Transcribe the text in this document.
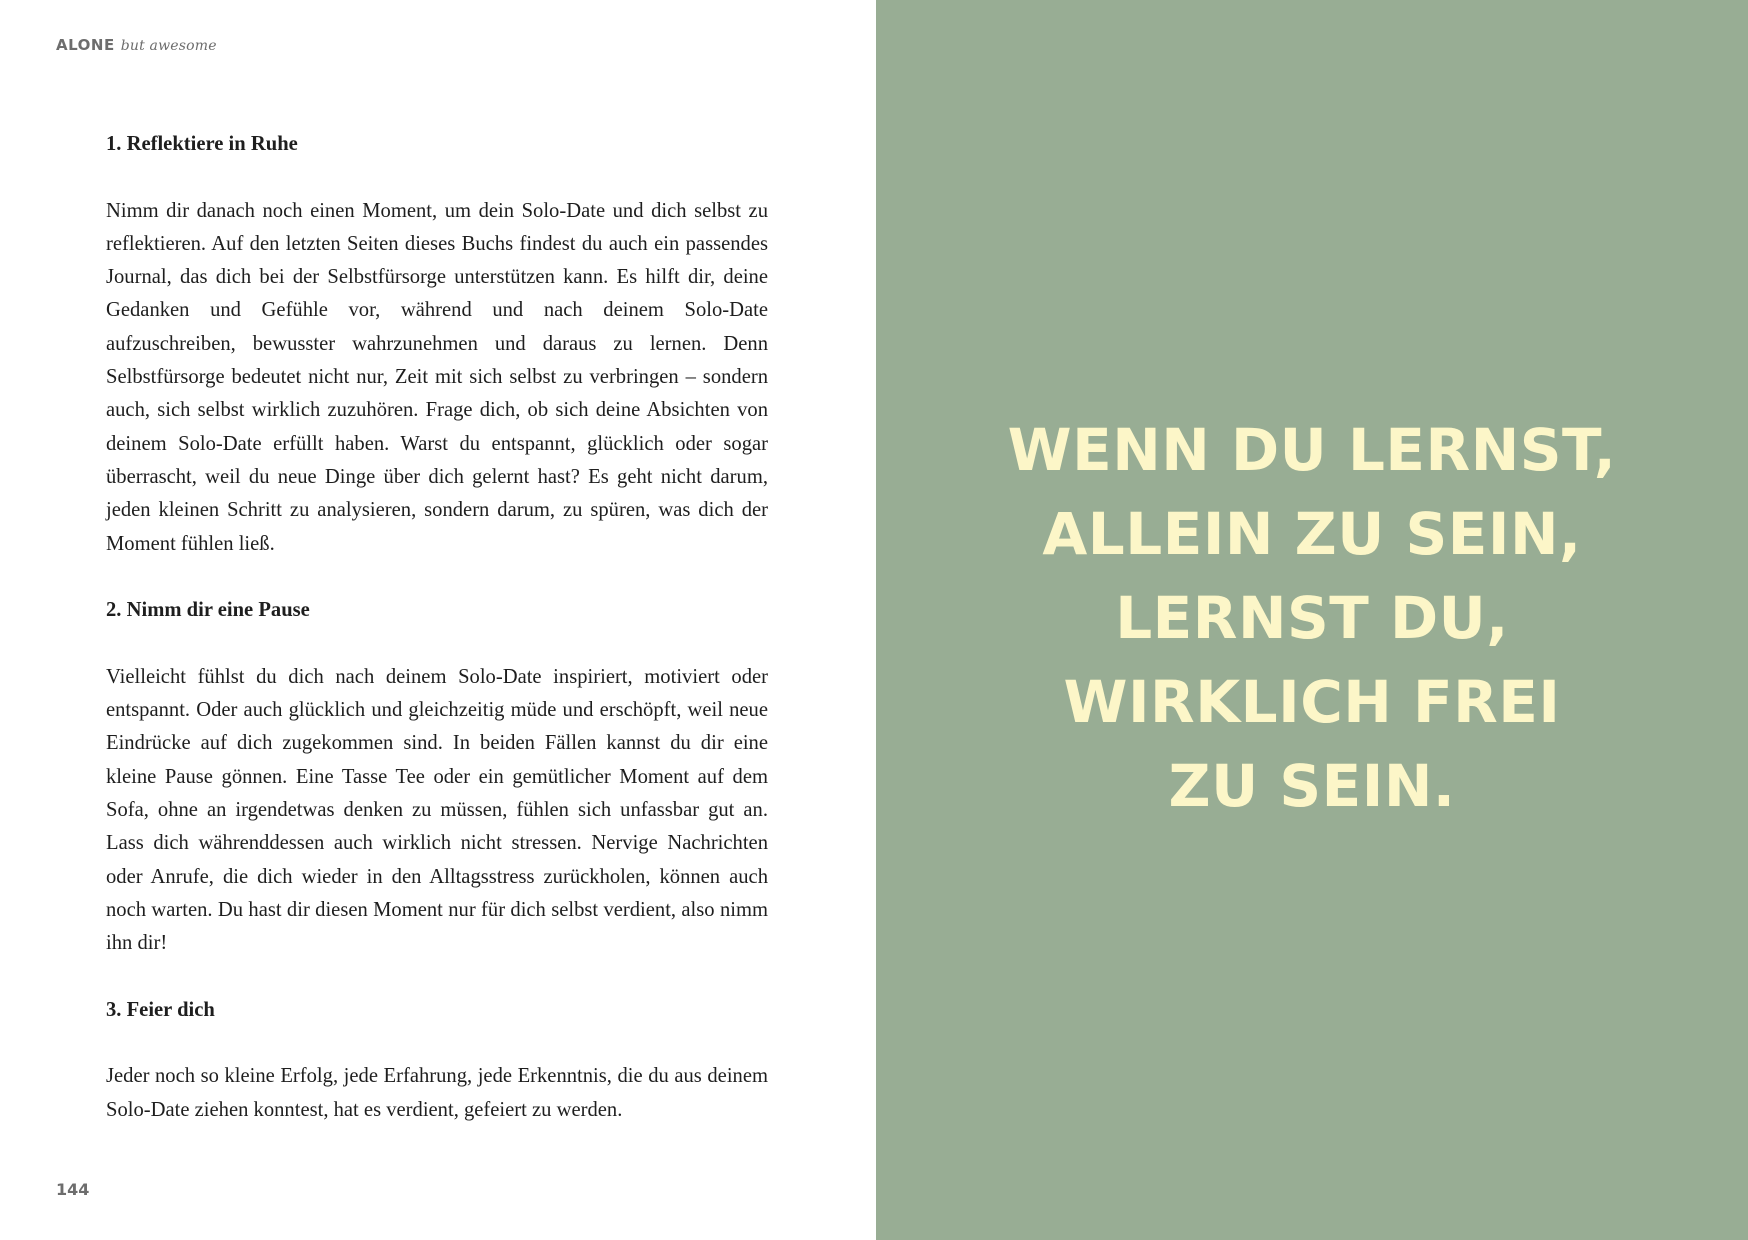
ALONE but awesome
1. Reflektiere in Ruhe
Nimm dir danach noch einen Moment, um dein Solo-Date und dich selbst zu reflektieren. Auf den letzten Seiten dieses Buchs findest du auch ein passendes Journal, das dich bei der Selbstfürsorge unterstützen kann. Es hilft dir, deine Gedanken und Gefühle vor, während und nach deinem Solo-Date aufzuschreiben, bewusster wahrzunehmen und daraus zu lernen. Denn Selbstfürsorge bedeutet nicht nur, Zeit mit sich selbst zu verbringen – sondern auch, sich selbst wirklich zuzuhören. Frage dich, ob sich deine Absichten von deinem Solo-Date erfüllt haben. Warst du entspannt, glücklich oder sogar überrascht, weil du neue Dinge über dich gelernt hast? Es geht nicht darum, jeden kleinen Schritt zu analysieren, sondern darum, zu spüren, was dich der Moment fühlen ließ.
2. Nimm dir eine Pause
Vielleicht fühlst du dich nach deinem Solo-Date inspiriert, motiviert oder entspannt. Oder auch glücklich und gleichzeitig müde und erschöpft, weil neue Eindrücke auf dich zugekommen sind. In beiden Fällen kannst du dir eine kleine Pause gönnen. Eine Tasse Tee oder ein gemütlicher Moment auf dem Sofa, ohne an irgendetwas denken zu müssen, fühlen sich unfassbar gut an. Lass dich währenddessen auch wirklich nicht stressen. Nervige Nachrichten oder Anrufe, die dich wieder in den Alltagsstress zurückholen, können auch noch warten. Du hast dir diesen Moment nur für dich selbst verdient, also nimm ihn dir!
3. Feier dich
Jeder noch so kleine Erfolg, jede Erfahrung, jede Erkenntnis, die du aus deinem Solo-Date ziehen konntest, hat es verdient, gefeiert zu werden.
144
WENN DU LERNST,
ALLEIN ZU SEIN,
LERNST DU,
WIRKLICH FREI
ZU SEIN.
